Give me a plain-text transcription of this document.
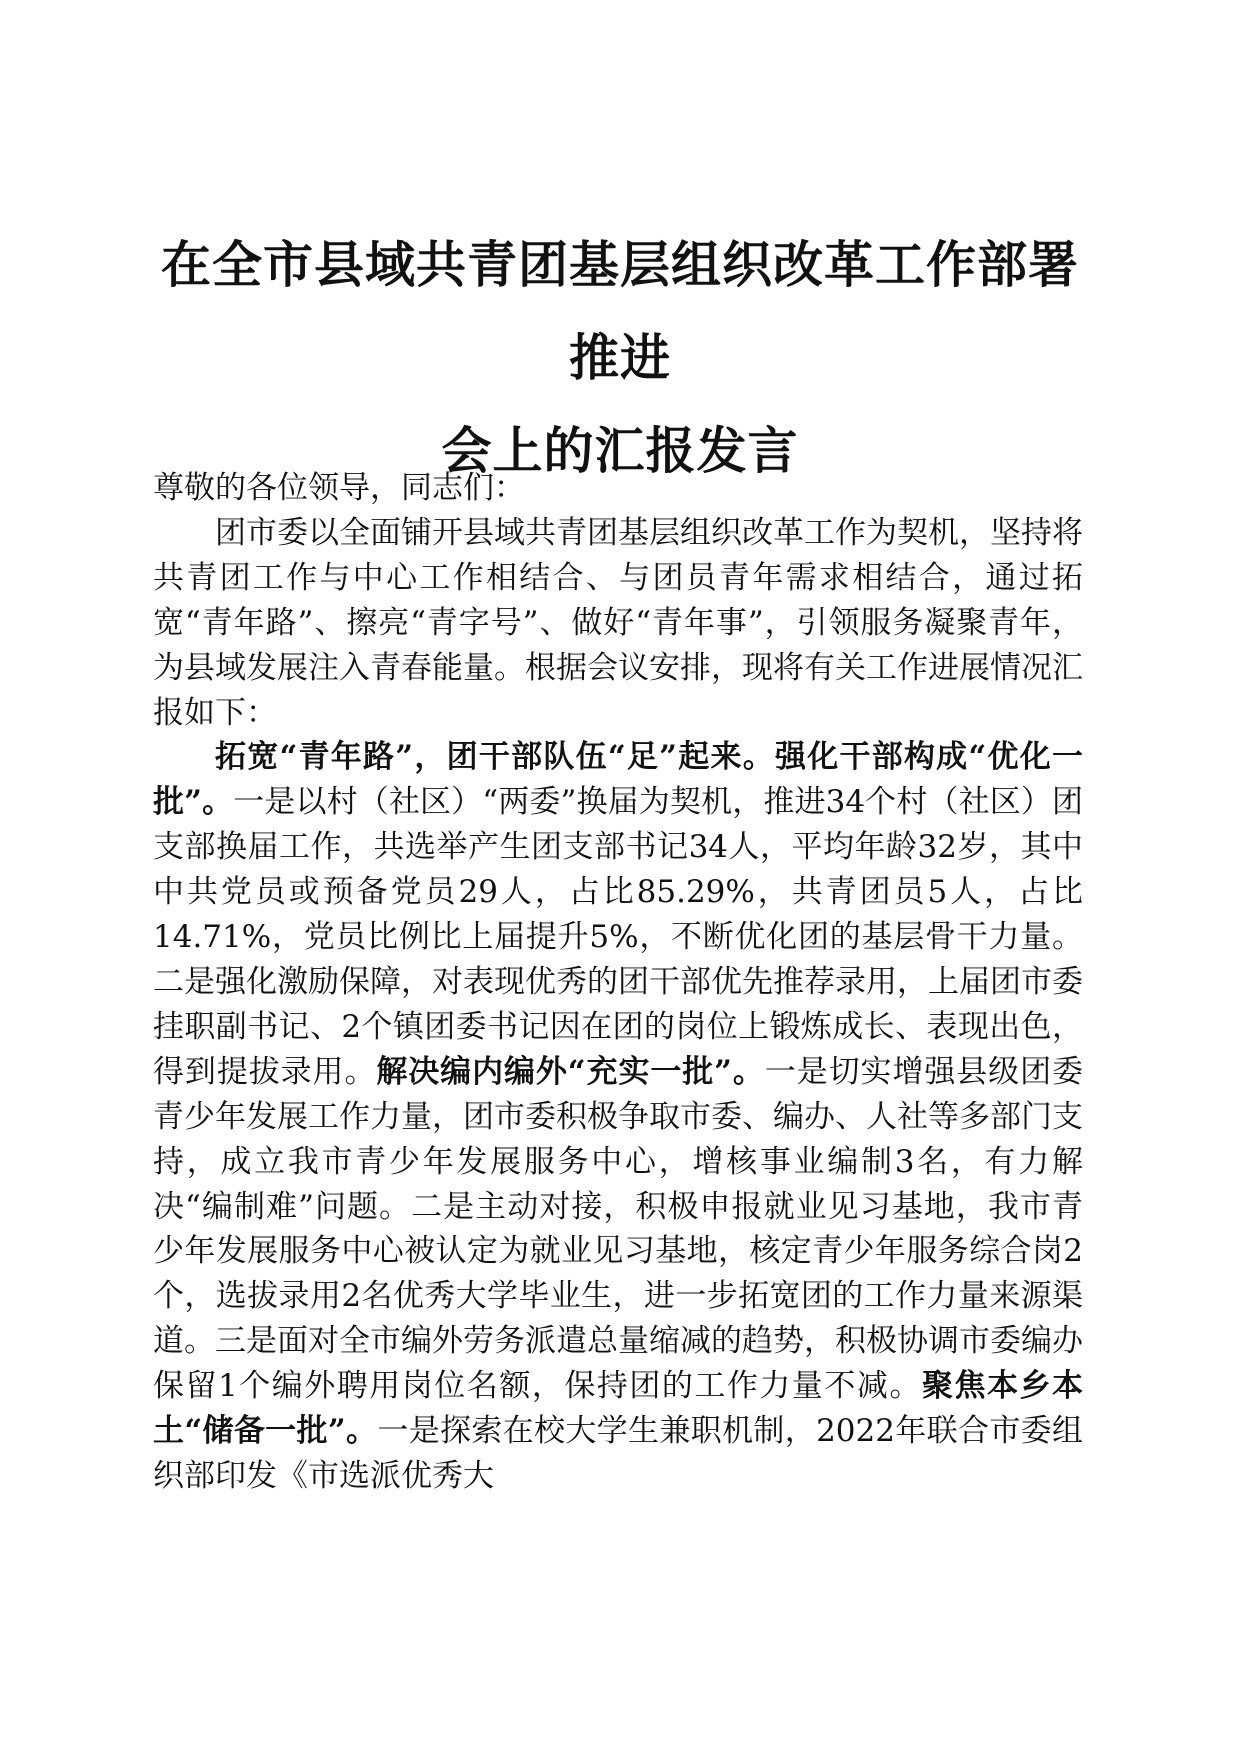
在全市县域共青团基层组织改革工作部署推进
会上的汇报发言

尊敬的各位领导，同志们：

团市委以全面铺开县域共青团基层组织改革工作为契机，坚持将共青团工作与中心工作相结合、与团员青年需求相结合，通过拓宽“青年路”、擦亮“青字号”、做好“青年事”，引领服务凝聚青年，为县域发展注入青春能量。根据会议安排，现将有关工作进展情况汇报如下：

拓宽“青年路”，团干部队伍“足”起来。强化干部构成“优化一批”。一是以村（社区）“两委”换届为契机，推进34个村（社区）团支部换届工作，共选举产生团支部书记34人，平均年龄32岁，其中中共党员或预备党员29人，占比85.29%，共青团员5人，占比14.71%，党员比例比上届提升5%，不断优化团的基层骨干力量。二是强化激励保障，对表现优秀的团干部优先推荐录用，上届团市委挂职副书记、2个镇团委书记因在团的岗位上锻炼成长、表现出色，得到提拔录用。解决编内编外“充实一批”。一是切实增强县级团委青少年发展工作力量，团市委积极争取市委、编办、人社等多部门支持，成立我市青少年发展服务中心，增核事业编制3名，有力解决“编制难”问题。二是主动对接，积极申报就业见习基地，我市青少年发展服务中心被认定为就业见习基地，核定青少年服务综合岗2个，选拔录用2名优秀大学毕业生，进一步拓宽团的工作力量来源渠道。三是面对全市编外劳务派遣总量缩减的趋势，积极协调市委编办保留1个编外聘用岗位名额，保持团的工作力量不减。聚焦本乡本土“储备一批”。一是探索在校大学生兼职机制，2022年联合市委组织部印发《市选派优秀大
